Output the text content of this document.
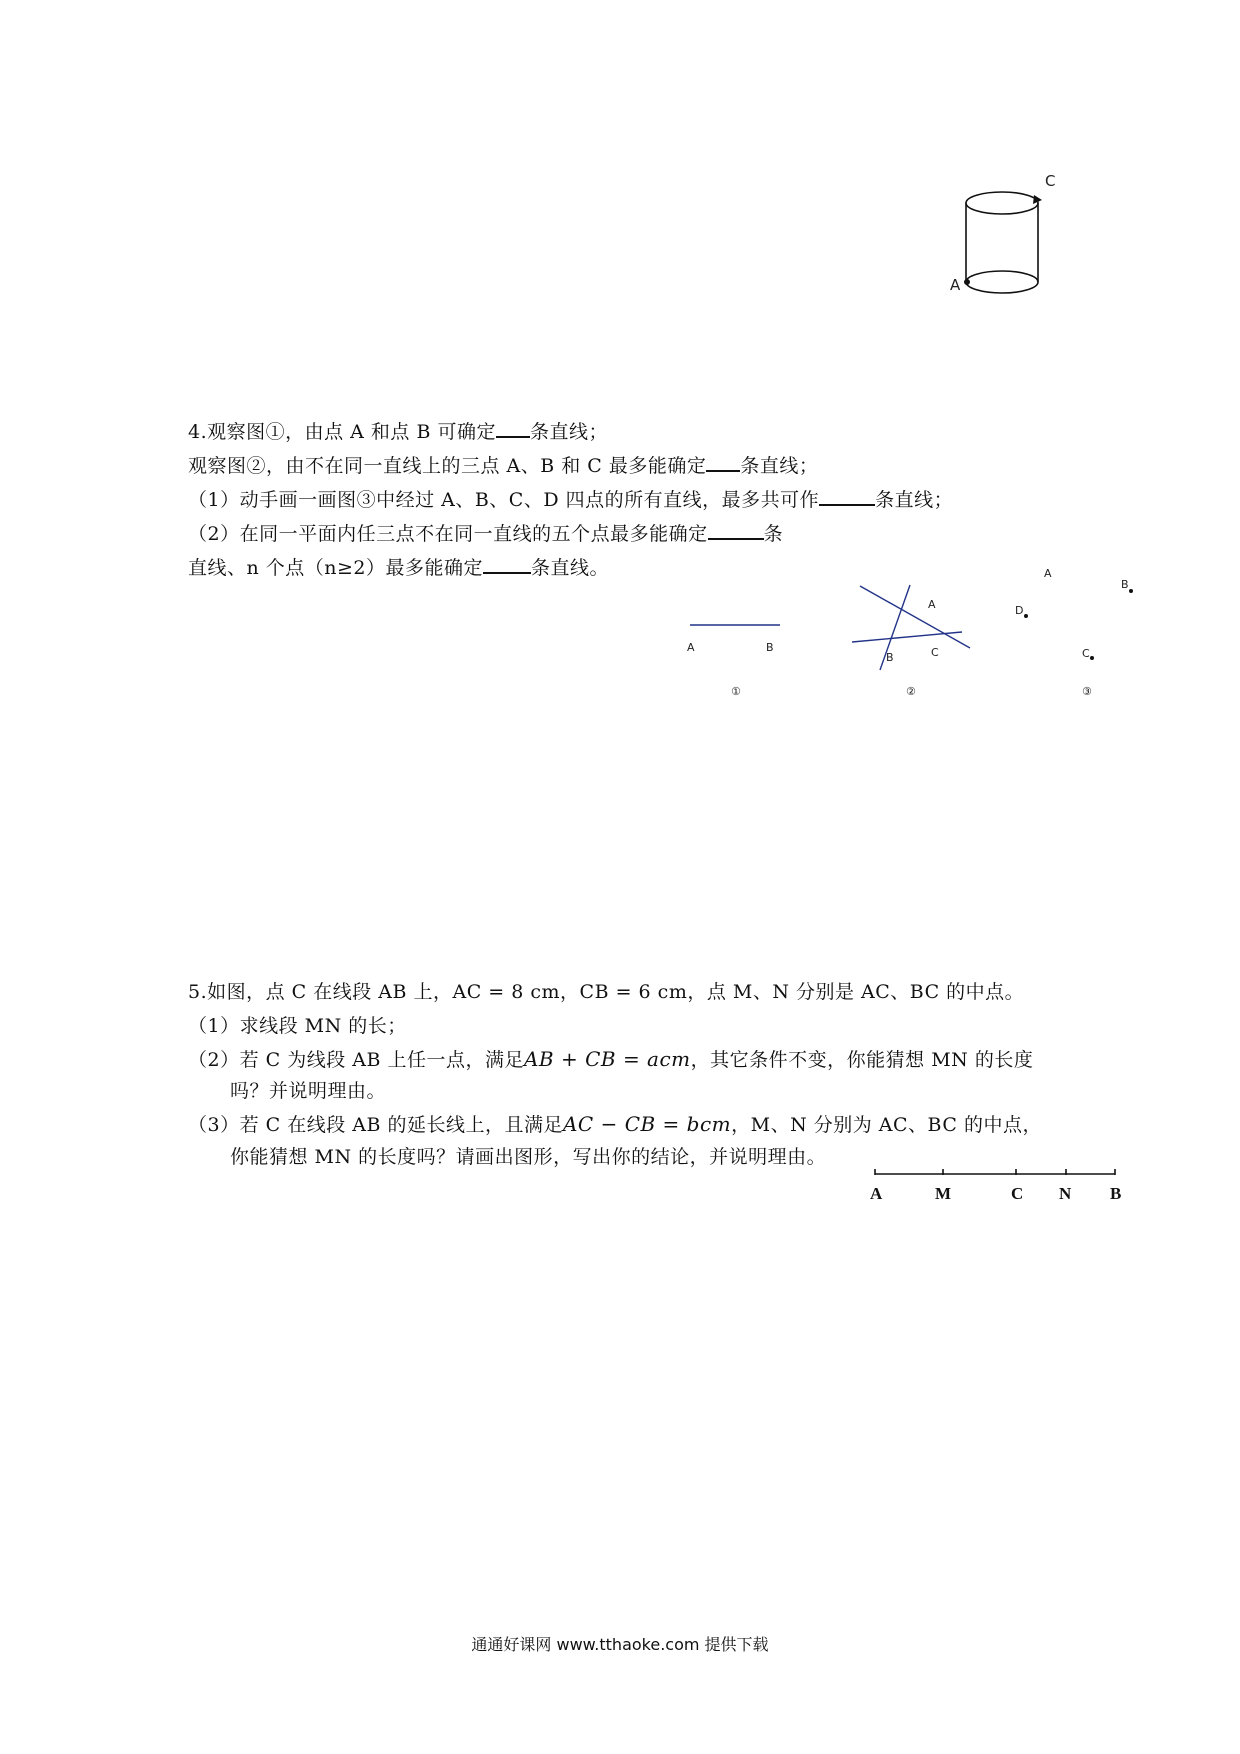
C
A
4.观察图①，由点 A 和点 B 可确定 条直线；
观察图②，由不在同一直线上的三点 A、B 和 C 最多能确定 条直线；
（1）动手画一画图③中经过 A、B、C、D 四点的所有直线，最多共可作	条直线；
（2）在同一平面内任三点不在同一直线的五个点最多能确定	条
直线、n 个点（n≥2）最多能确定	条直线。
A	B
①
A
B	C
②
A
B
D
C
③
5.如图，点 C 在线段 AB 上，AC = 8 cm，CB = 6 cm，点 M、N 分别是 AC、BC 的中点。
（1）求线段 MN 的长；
（2）若 C 为线段 AB 上任一点，满足AB + CB = acm，其它条件不变，你能猜想 MN 的长度
吗？并说明理由。
（3）若 C 在线段 AB 的延长线上，且满足AC − CB = bcm，M、N 分别为 AC、BC 的中点，
你能猜想 MN 的长度吗？请画出图形，写出你的结论，并说明理由。
A	M	C N B
通通好课网 www.tthaoke.com 提供下载
